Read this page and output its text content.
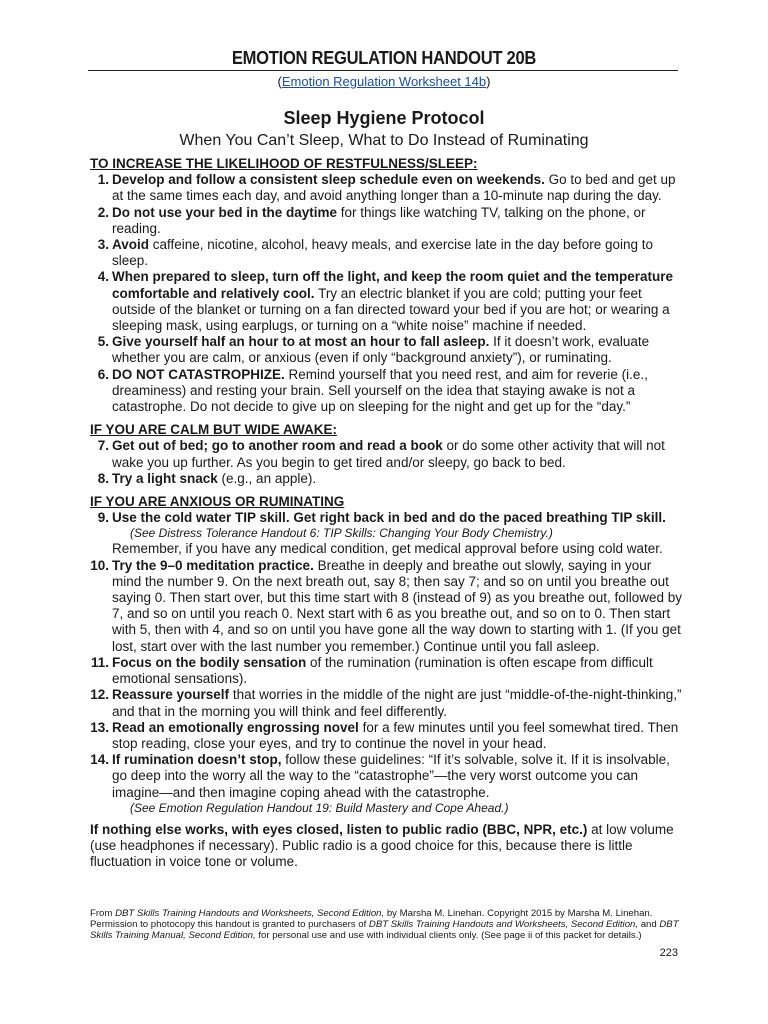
EMOTION REGULATION HANDOUT 20B
(Emotion Regulation Worksheet 14b)
Sleep Hygiene Protocol
When You Can’t Sleep, What to Do Instead of Ruminating
TO INCREASE THE LIKELIHOOD OF RESTFULNESS/SLEEP:
1. Develop and follow a consistent sleep schedule even on weekends. Go to bed and get up at the same times each day, and avoid anything longer than a 10-minute nap during the day.
2. Do not use your bed in the daytime for things like watching TV, talking on the phone, or reading.
3. Avoid caffeine, nicotine, alcohol, heavy meals, and exercise late in the day before going to sleep.
4. When prepared to sleep, turn off the light, and keep the room quiet and the temperature comfortable and relatively cool. Try an electric blanket if you are cold; putting your feet outside of the blanket or turning on a fan directed toward your bed if you are hot; or wearing a sleeping mask, using earplugs, or turning on a “white noise” machine if needed.
5. Give yourself half an hour to at most an hour to fall asleep. If it doesn’t work, evaluate whether you are calm, or anxious (even if only “background anxiety”), or ruminating.
6. DO NOT CATASTROPHIZE. Remind yourself that you need rest, and aim for reverie (i.e., dreaminess) and resting your brain. Sell yourself on the idea that staying awake is not a catastrophe. Do not decide to give up on sleeping for the night and get up for the “day.”
IF YOU ARE CALM BUT WIDE AWAKE:
7. Get out of bed; go to another room and read a book or do some other activity that will not wake you up further. As you begin to get tired and/or sleepy, go back to bed.
8. Try a light snack (e.g., an apple).
IF YOU ARE ANXIOUS OR RUMINATING
9. Use the cold water TIP skill. Get right back in bed and do the paced breathing TIP skill.
(See Distress Tolerance Handout 6: TIP Skills: Changing Your Body Chemistry.)
Remember, if you have any medical condition, get medical approval before using cold water.
10. Try the 9–0 meditation practice. Breathe in deeply and breathe out slowly, saying in your mind the number 9. On the next breath out, say 8; then say 7; and so on until you breathe out saying 0. Then start over, but this time start with 8 (instead of 9) as you breathe out, followed by 7, and so on until you reach 0. Next start with 6 as you breathe out, and so on to 0. Then start with 5, then with 4, and so on until you have gone all the way down to starting with 1. (If you get lost, start over with the last number you remember.) Continue until you fall asleep.
11. Focus on the bodily sensation of the rumination (rumination is often escape from difficult emotional sensations).
12. Reassure yourself that worries in the middle of the night are just “middle-of-the-night-thinking,” and that in the morning you will think and feel differently.
13. Read an emotionally engrossing novel for a few minutes until you feel somewhat tired. Then stop reading, close your eyes, and try to continue the novel in your head.
14. If rumination doesn’t stop, follow these guidelines: “If it’s solvable, solve it. If it is insolvable, go deep into the worry all the way to the “catastrophe”—the very worst outcome you can imagine—and then imagine coping ahead with the catastrophe.
(See Emotion Regulation Handout 19: Build Mastery and Cope Ahead.)
If nothing else works, with eyes closed, listen to public radio (BBC, NPR, etc.) at low volume (use headphones if necessary). Public radio is a good choice for this, because there is little fluctuation in voice tone or volume.
From DBT Skills Training Handouts and Worksheets, Second Edition, by Marsha M. Linehan. Copyright 2015 by Marsha M. Linehan. Permission to photocopy this handout is granted to purchasers of DBT Skills Training Handouts and Worksheets, Second Edition, and DBT Skills Training Manual, Second Edition, for personal use and use with individual clients only. (See page ii of this packet for details.)
223
